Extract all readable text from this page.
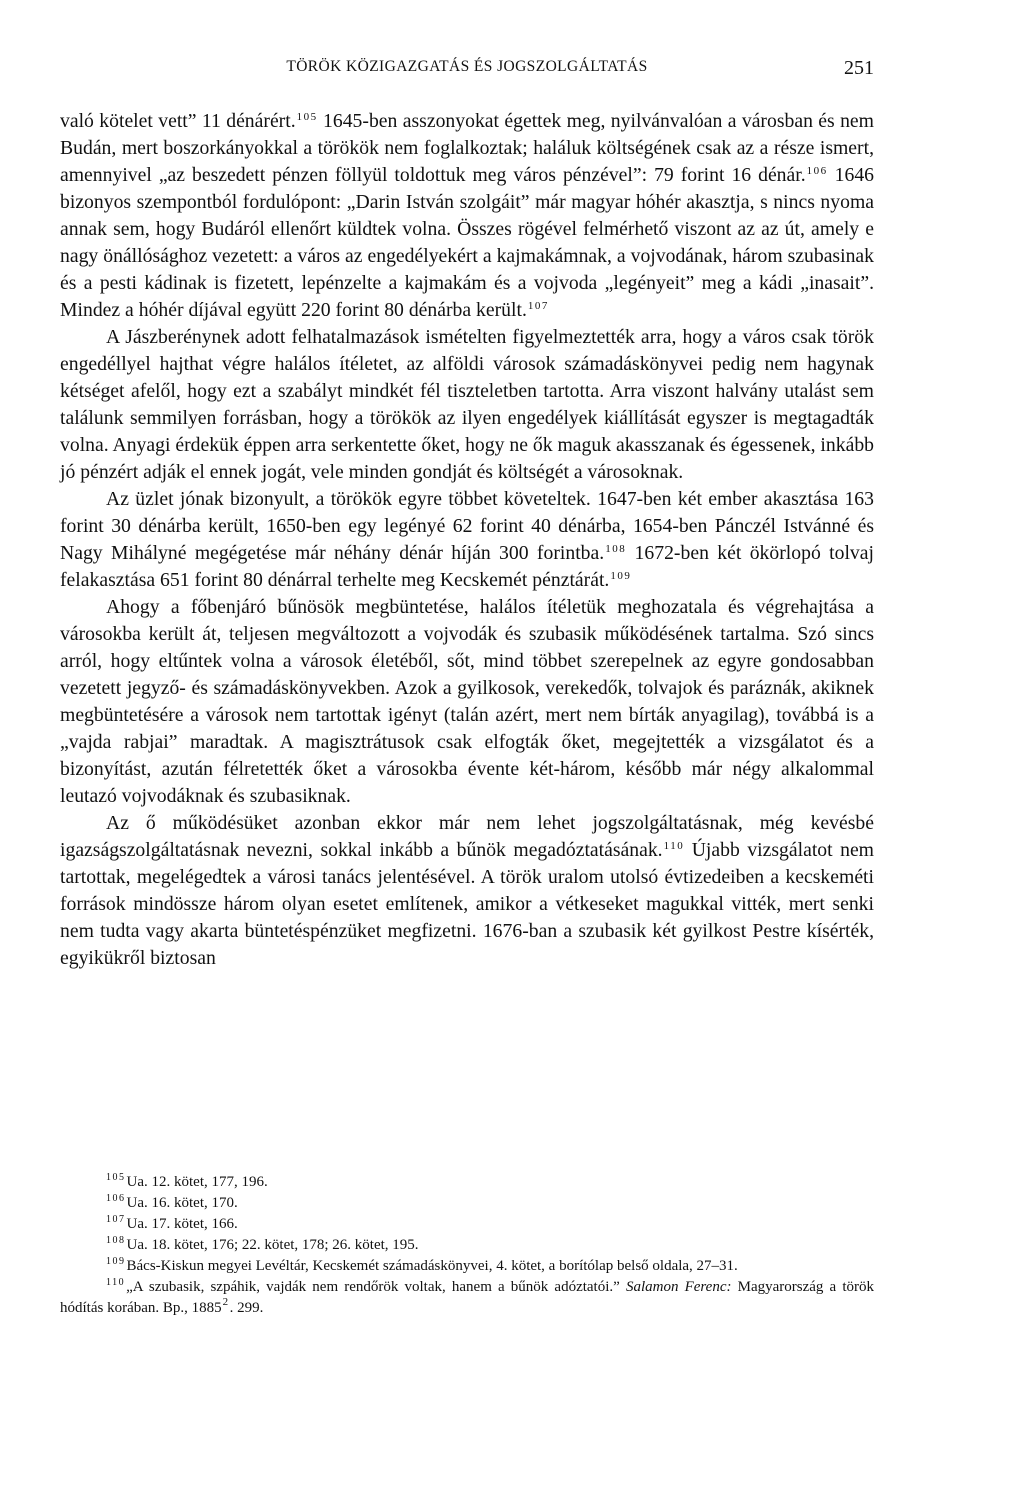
TÖRÖK KÖZIGAZGATÁS ÉS JOGSZOLGÁLTATÁS	251

való kötelet vett” 11 dénárért.$^{105}$ 1645-ben asszonyokat égettek meg, nyilvánvalóan a városban és nem Budán, mert boszorkányokkal a törökök nem foglalkoztak; haláluk költségének csak az a része ismert, amennyivel „az beszedett pénzen föllyül toldottuk meg város pénzével”: 79 forint 16 dénár.$^{106}$ 1646 bizonyos szempontból fordulópont: „Darin István szolgáit” már magyar hóhér akasztja, s nincs nyoma annak sem, hogy Budáról ellenőrt küldtek volna. Összes rögével felmérhető viszont az az út, amely e nagy önállósághoz vezetett: a város az engedélyekért a kajmakámnak, a vojvodának, három szubasinak és a pesti kádinak is fizetett, lepénzelte a kajmakám és a vojvoda „legényeit” meg a kádi „inasait”. Mindez a hóhér díjával együtt 220 forint 80 dénárba került.$^{107}$

A Jászberénynek adott felhatalmazások ismételten figyelmeztették arra, hogy a város csak török engedéllyel hajthat végre halálos ítéletet, az alföldi városok számadáskönyvei pedig nem hagynak kétséget afelől, hogy ezt a szabályt mindkét fél tiszteletben tartotta. Arra viszont halvány utalást sem találunk semmilyen forrásban, hogy a törökök az ilyen engedélyek kiállítását egyszer is megtagadták volna. Anyagi érdekük éppen arra serkentette őket, hogy ne ők maguk akasszanak és égessenek, inkább jó pénzért adják el ennek jogát, vele minden gondját és költségét a városoknak.

Az üzlet jónak bizonyult, a törökök egyre többet követeltek. 1647-ben két ember akasztása 163 forint 30 dénárba került, 1650-ben egy legényé 62 forint 40 dénárba, 1654-ben Pánczél Istvánné és Nagy Mihályné megégetése már néhány dénár híján 300 forintba.$^{108}$ 1672-ben két ökörlopó tolvaj felakasztása 651 forint 80 dénárral terhelte meg Kecskemét pénztárát.$^{109}$

Ahogy a főbenjáró bűnösök megbüntetése, halálos ítéletük meghozatala és végrehajtása a városokba került át, teljesen megváltozott a vojvodák és szubasik működésének tartalma. Szó sincs arról, hogy eltűntek volna a városok életéből, sőt, mind többet szerepelnek az egyre gondosabban vezetett jegyző- és számadáskönyvekben. Azok a gyilkosok, verekedők, tolvajok és paráznák, akiknek megbüntetésére a városok nem tartottak igényt (talán azért, mert nem bírták anyagilag), továbbá is a „vajda rabjai” maradtak. A magisztrátusok csak elfogták őket, megejtették a vizsgálatot és a bizonyítást, azután félretették őket a városokba évente két-három, később már négy alkalommal leutazó vojvodáknak és szubasiknak.

Az ő működésüket azonban ekkor már nem lehet jogszolgáltatásnak, még kevésbé igazságszolgáltatásnak nevezni, sokkal inkább a bűnök megadóztatásának.$^{110}$ Újabb vizsgálatot nem tartottak, megelégedtek a városi tanács jelentésével. A török uralom utolsó évtizedeiben a kecskeméti források mindössze három olyan esetet említenek, amikor a vétkeseket magukkal vitték, mert senki nem tudta vagy akarta büntetéspénzüket megfizetni. 1676-ban a szubasik két gyilkost Pestre kísérték, egyikükről biztosan

$^{105}$Ua. 12. kötet, 177, 196.

$^{106}$Ua. 16. kötet, 170.

$^{107}$Ua. 17. kötet, 166.

$^{108}$Ua. 18. kötet, 176; 22. kötet, 178; 26. kötet, 195.

$^{109}$Bács-Kiskun megyei Levéltár, Kecskemét számadáskönyvei, 4. kötet, a borítólap belső oldala, 27–31.

$^{110}$„A szubasik, szpáhik, vajdák nem rendőrök voltak, hanem a bűnök adóztatói.” Salamon Ferenc: Magyarország a török hódítás korában. Bp., 1885$^2$. 299.
